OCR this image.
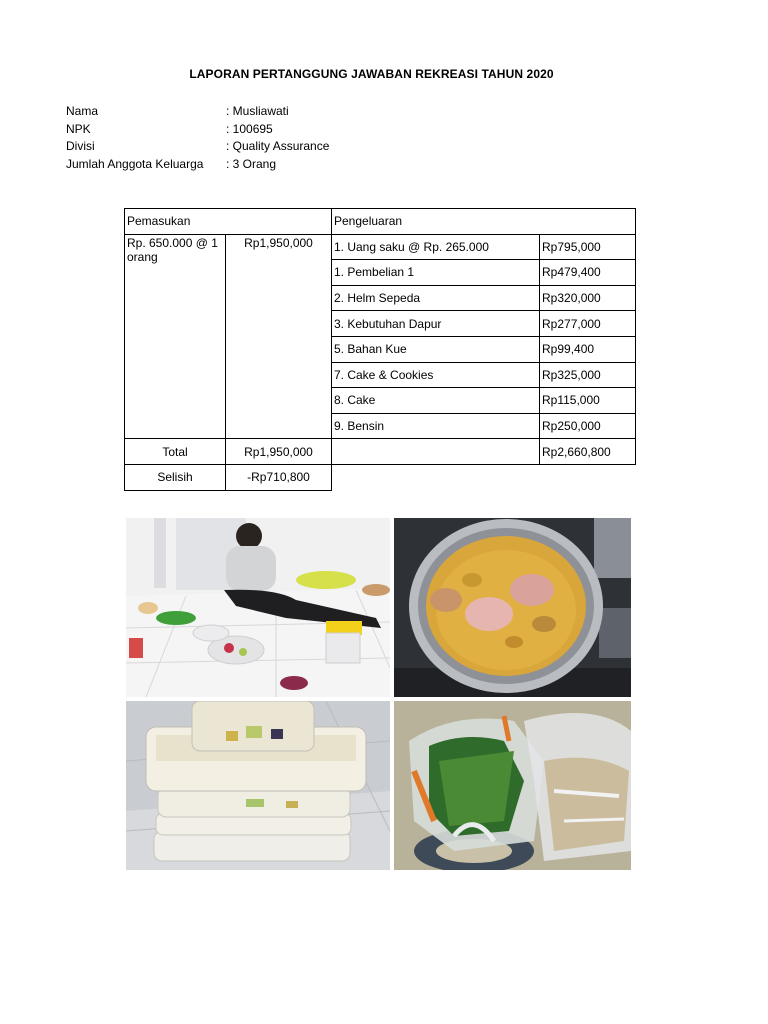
LAPORAN PERTANGGUNG JAWABAN REKREASI TAHUN 2020
Nama	: Musliawati
NPK	: 100695
Divisi	: Quality Assurance
Jumlah Anggota Keluarga	: 3 Orang
Pemasukan		Pengeluaran	
Rp. 650.000 @ 1 orang	Rp1,950,000	1. Uang saku @ Rp. 265.000	Rp795,000
		1. Pembelian 1	Rp479,400
		2. Helm Sepeda	Rp320,000
		3. Kebutuhan Dapur	Rp277,000
		5. Bahan Kue	Rp99,400
		7. Cake & Cookies	Rp325,000
		8. Cake	Rp115,000
		9. Bensin	Rp250,000
Total	Rp1,950,000		Rp2,660,800
Selisih	-Rp710,800		
